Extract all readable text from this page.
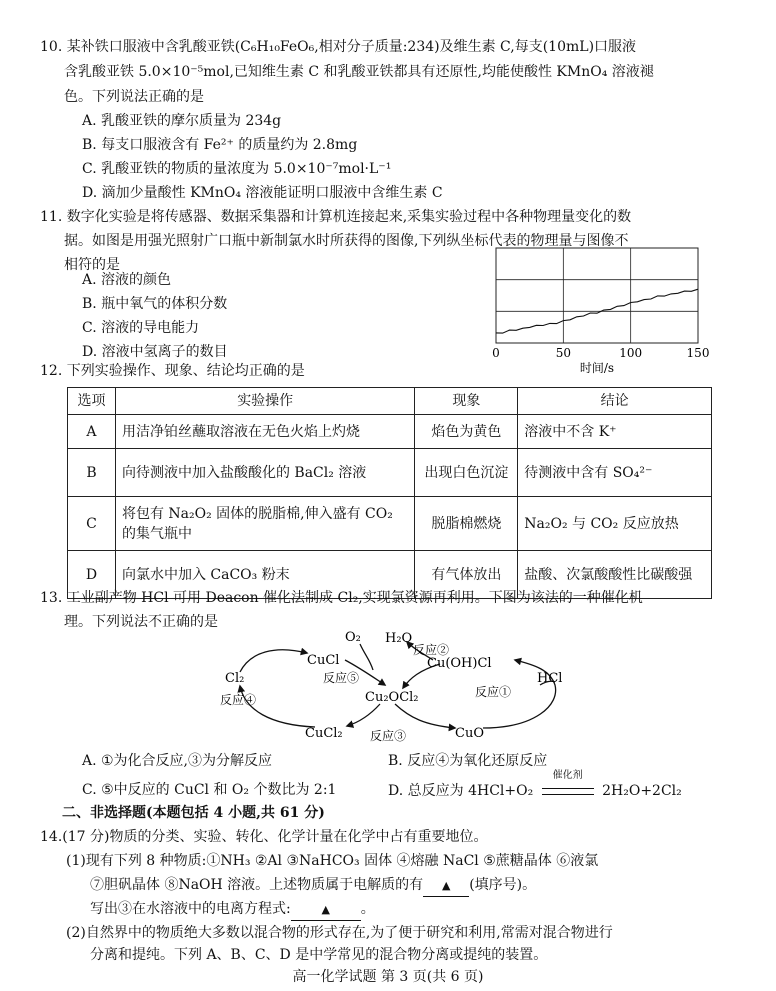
10. 某补铁口服液中含乳酸亚铁(C₆H₁₀FeO₆,相对分子质量:234)及维生素 C,每支(10mL)口服液
含乳酸亚铁 5.0×10⁻⁵mol,已知维生素 C 和乳酸亚铁都具有还原性,均能使酸性 KMnO₄ 溶液褪
色。下列说法正确的是
A. 乳酸亚铁的摩尔质量为 234g
B. 每支口服液含有 Fe²⁺ 的质量约为 2.8mg
C. 乳酸亚铁的物质的量浓度为 5.0×10⁻⁷mol·L⁻¹
D. 滴加少量酸性 KMnO₄ 溶液能证明口服液中含维生素 C
11. 数字化实验是将传感器、数据采集器和计算机连接起来,采集实验过程中各种物理量变化的数
据。如图是用强光照射广口瓶中新制氯水时所获得的图像,下列纵坐标代表的物理量与图像不
相符的是
A. 溶液的颜色
B. 瓶中氧气的体积分数
C. 溶液的导电能力
D. 溶液中氢离子的数目	0	50	100	150
时间/s
12. 下列实验操作、现象、结论均正确的是
选项	实验操作	现象	结论
A	用洁净铂丝蘸取溶液在无色火焰上灼烧	焰色为黄色	溶液中不含 K⁺
B	向待测液中加入盐酸酸化的 BaCl₂ 溶液	出现白色沉淀	待测液中含有 SO₄²⁻
C	将包有 Na₂O₂ 固体的脱脂棉,伸入盛有 CO₂ 的集气瓶中	脱脂棉燃烧	Na₂O₂ 与 CO₂ 反应放热
D	向氯水中加入 CaCO₃ 粉末	有气体放出	盐酸、次氯酸酸性比碳酸强
13. 工业副产物 HCl 可用 Deacon 催化法制成 Cl₂,实现氯资源再利用。下图为该法的一种催化机
理。下列说法不正确的是
O₂ H₂O
反应②
CuCl	Cu(OH)Cl
Cl₂	反应⑤	HCl
反应④	Cu₂OCl₂	反应①
CuCl₂ 反应③	CuO
A. ①为化合反应,③为分解反应	B. 反应④为氧化还原反应
C. ⑤中反应的 CuCl 和 O₂ 个数比为 2:1	D. 总反应为 4HCl+O₂
催化剂
2H₂O+2Cl₂
二、非选择题(本题包括 4 小题,共 61 分)
14.(17 分)物质的分类、实验、转化、化学计量在化学中占有重要地位。
(1)现有下列 8 种物质:①NH₃ ②Al ③NaHCO₃ 固体 ④熔融 NaCl ⑤蔗糖晶体 ⑥液氯
⑦胆矾晶体 ⑧NaOH 溶液。上述物质属于电解质的有 ▲ (填序号)。
写出③在水溶液中的电离方程式:	▲ 。
(2)自然界中的物质绝大多数以混合物的形式存在,为了便于研究和利用,常需对混合物进行
分离和提纯。下列 A、B、C、D 是中学常见的混合物分离或提纯的装置。
高一化学试题 第 3 页(共 6 页)
